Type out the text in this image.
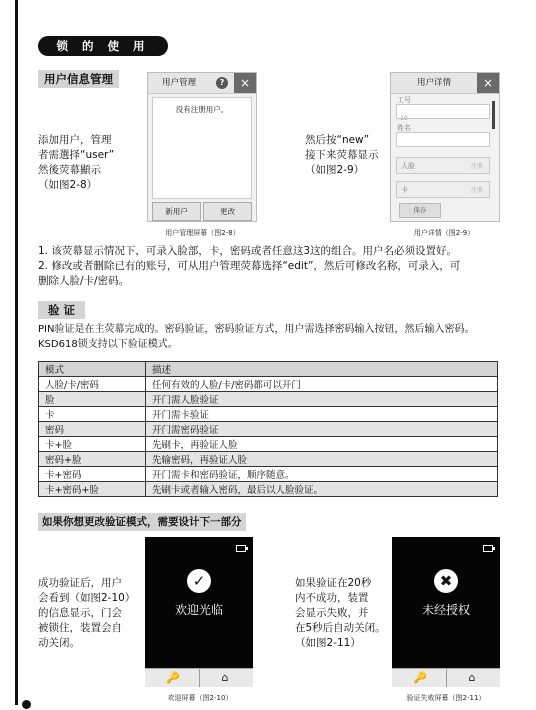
锁 的 使 用
用户信息管理
添加用户，管理
者需選择“user”
然後荧幕顯示
（如图2-8）
用户管理	?	×
没有注册用户。
新用户	更改
用户管理屏幕（图2-8）
然后按“new”
接下来荧幕显示
（如图2-9）
用户详情	×
工号
10
姓名
人脸	注册
卡	注册
保存
用户详情（图2-9）
1. 该荧幕显示情况下，可录入脸部，卡，密码或者任意这3这的组合。用户名必须设置好。
2. 修改或者删除已有的账号，可从用户管理荧幕选择“edit”，然后可修改名称，可录入，可
删除人脸/卡/密码。
验 证
PIN验证是在主荧幕完成的。密码验证，密码验证方式，用户需选择密码输入按钮，然后输入密码。
KSD618锁支持以下验证模式。
模式	描述
人脸/卡/密码	任何有效的人脸/卡/密码都可以开门
脸	开门需人脸验证
卡	开门需卡验证
密码	开门需密码验证
卡+脸	先刷卡，再验证人脸
密码+脸	先输密码，再验证人脸
卡+密码	开门需卡和密码验证，顺序随意。
卡+密码+脸	先刷卡或者输入密码，最后以人脸验证。
如果你想更改验证模式，需要设计下一部分
成功验证后，用户
会看到（如图2-10）
的信息显示，门会
被锁住，装置会自
动关闭。
✓
欢迎光临
🔑	⌂
欢迎屏幕（图2-10）
如果验证在20秒
内不成功，装置
会显示失败，并
在5秒后自动关闭。
（如图2-11）
✖
未经授权
🔑	⌂
验证失败屏幕（图2-11）
